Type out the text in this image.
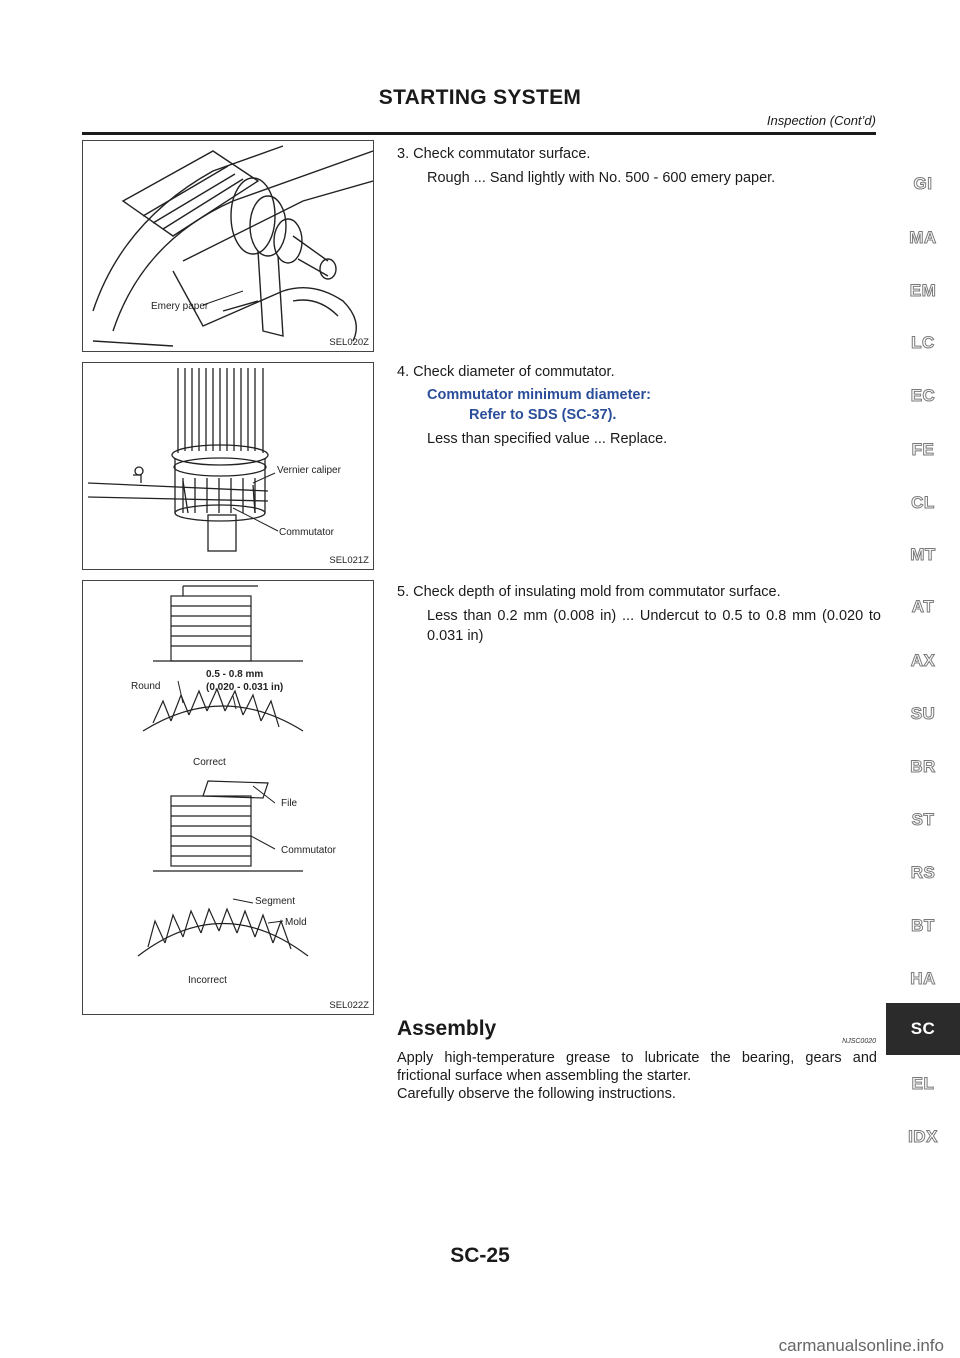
STARTING SYSTEM
Inspection (Cont’d)
Emery paper
SEL020Z
Vernier caliper
Commutator
SEL021Z
0.5 - 0.8 mm
(0.020 - 0.031 in)
Round
Correct
File
Commutator
Segment
Mold
Incorrect
SEL022Z
3. Check commutator surface.
Rough ... Sand lightly with No. 500 - 600 emery paper.
4. Check diameter of commutator.
Commutator minimum diameter:
Refer to SDS (SC-37).
Less than specified value ... Replace.
5. Check depth of insulating mold from commutator surface.
Less than 0.2 mm (0.008 in) ... Undercut to 0.5 to 0.8 mm (0.020 to 0.031 in)
Assembly
NJSC0020
Apply high-temperature grease to lubricate the bearing, gears and frictional surface when assembling the starter.
Carefully observe the following instructions.
GI
MA
EM
LC
EC
FE
CL
MT
AT
AX
SU
BR
ST
RS
BT
HA
SC
EL
IDX
SC-25
carmanualsonline.info
